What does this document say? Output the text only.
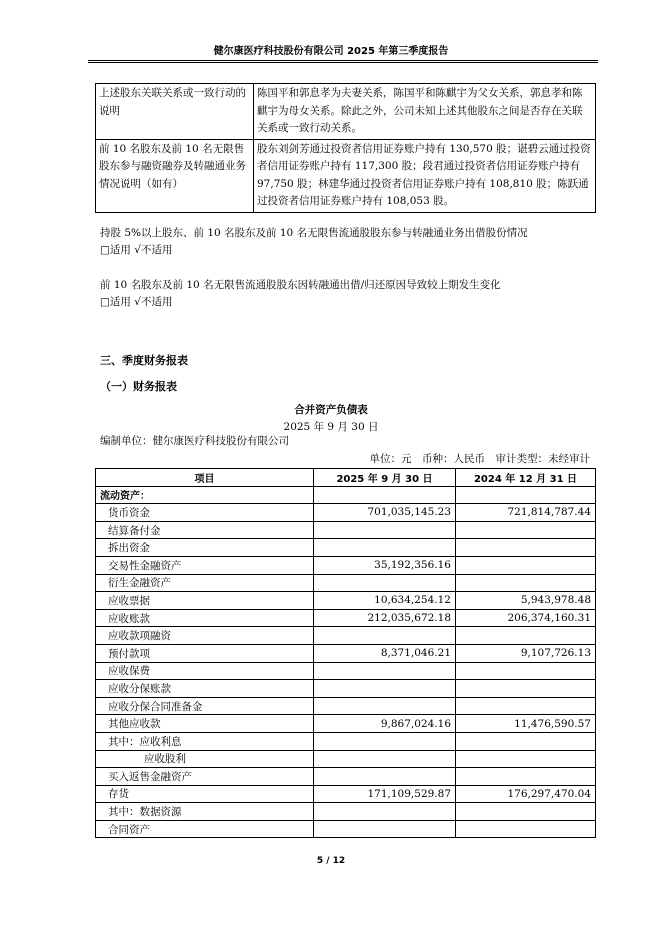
健尔康医疗科技股份有限公司 2025 年第三季度报告
上述股东关联关系或一致行动的说明	陈国平和郭息孝为夫妻关系，陈国平和陈麒宇为父女关系，郭息孝和陈麒宇为母女关系。除此之外，公司未知上述其他股东之间是否存在关联关系或一致行动关系。
前 10 名股东及前 10 名无限售股东参与融资融券及转融通业务情况说明（如有）	股东刘剑芳通过投资者信用证券账户持有 130,570 股；谌碧云通过投资者信用证券账户持有 117,300 股；段君通过投资者信用证券账户持有 97,750 股；林建华通过投资者信用证券账户持有 108,810 股；陈跃通过投资者信用证券账户持有 108,053 股。
持股 5%以上股东、前 10 名股东及前 10 名无限售流通股股东参与转融通业务出借股份情况
□适用 √不适用
前 10 名股东及前 10 名无限售流通股股东因转融通出借/归还原因导致较上期发生变化
□适用 √不适用
三、季度财务报表
（一）财务报表
合并资产负债表
2025 年 9 月 30 日
编制单位：健尔康医疗科技股份有限公司
单位：元　币种：人民币　审计类型：未经审计
项目	2025 年 9 月 30 日	2024 年 12 月 31 日
流动资产：		
货币资金	701,035,145.23	721,814,787.44
结算备付金		
拆出资金		
交易性金融资产	35,192,356.16	
衍生金融资产		
应收票据	10,634,254.12	5,943,978.48
应收账款	212,035,672.18	206,374,160.31
应收款项融资		
预付款项	8,371,046.21	9,107,726.13
应收保费		
应收分保账款		
应收分保合同准备金		
其他应收款	9,867,024.16	11,476,590.57
其中：应收利息		
应收股利		
买入返售金融资产		
存货	171,109,529.87	176,297,470.04
其中：数据资源		
合同资产		
5 / 12
